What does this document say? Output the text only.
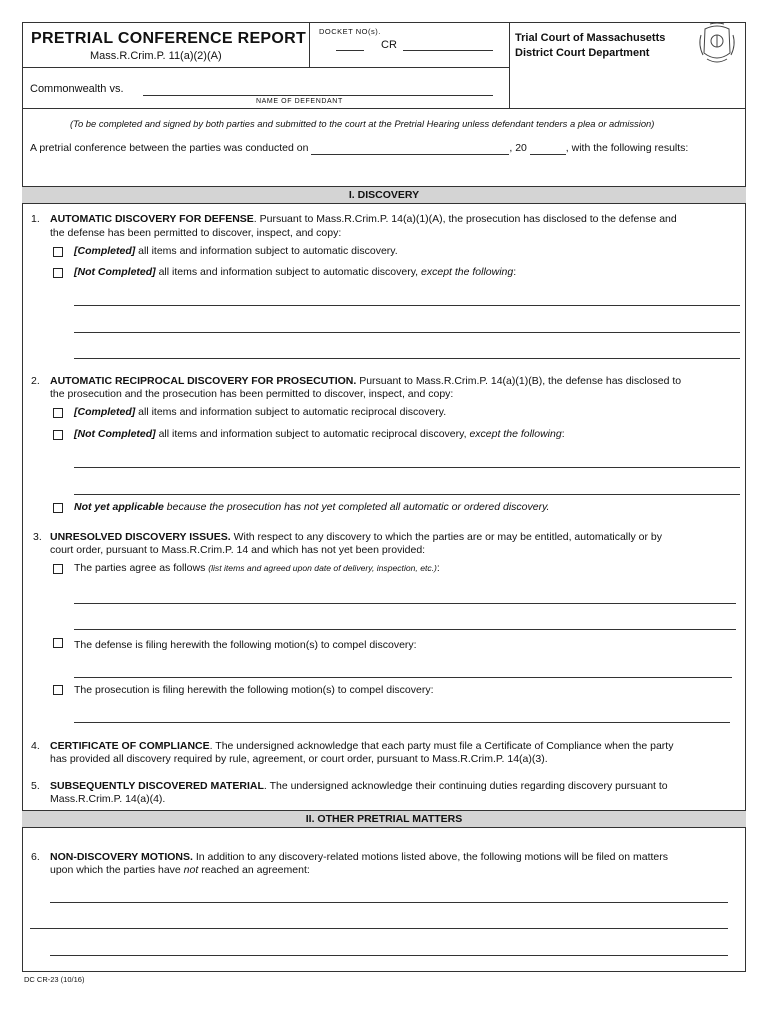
PRETRIAL CONFERENCE REPORT
Mass.R.Crim.P. 11(a)(2)(A)
DOCKET NO(s).
CR
Trial Court of Massachusetts
District Court Department
Commonwealth vs.
NAME OF DEFENDANT
(To be completed and signed by both parties and submitted to the court at the Pretrial Hearing unless defendant tenders a plea or admission)
A pretrial conference between the parties was conducted on	, 20	, with the following results:
I. DISCOVERY
1. AUTOMATIC DISCOVERY FOR DEFENSE. Pursuant to Mass.R.Crim.P. 14(a)(1)(A), the prosecution has disclosed to the defense and
the defense has been permitted to discover, inspect, and copy:
[Completed] all items and information subject to automatic discovery.
[Not Completed] all items and information subject to automatic discovery, except the following:
2. AUTOMATIC RECIPROCAL DISCOVERY FOR PROSECUTION. Pursuant to Mass.R.Crim.P. 14(a)(1)(B), the defense has disclosed to
the prosecution and the prosecution has been permitted to discover, inspect, and copy:
[Completed] all items and information subject to automatic reciprocal discovery.
[Not Completed] all items and information subject to automatic reciprocal discovery, except the following:
Not yet applicable because the prosecution has not yet completed all automatic or ordered discovery.
3. UNRESOLVED DISCOVERY ISSUES. With respect to any discovery to which the parties are or may be entitled, automatically or by
court order, pursuant to Mass.R.Crim.P. 14 and which has not yet been provided:
The parties agree as follows (list items and agreed upon date of delivery, inspection, etc.):
The defense is filing herewith the following motion(s) to compel discovery:
The prosecution is filing herewith the following motion(s) to compel discovery:
4. CERTIFICATE OF COMPLIANCE. The undersigned acknowledge that each party must file a Certificate of Compliance when the party
has provided all discovery required by rule, agreement, or court order, pursuant to Mass.R.Crim.P. 14(a)(3).
5. SUBSEQUENTLY DISCOVERED MATERIAL. The undersigned acknowledge their continuing duties regarding discovery pursuant to
Mass.R.Crim.P. 14(a)(4).
II. OTHER PRETRIAL MATTERS
6. NON-DISCOVERY MOTIONS. In addition to any discovery-related motions listed above, the following motions will be filed on matters
upon which the parties have not reached an agreement:
DC CR-23 (10/16)
